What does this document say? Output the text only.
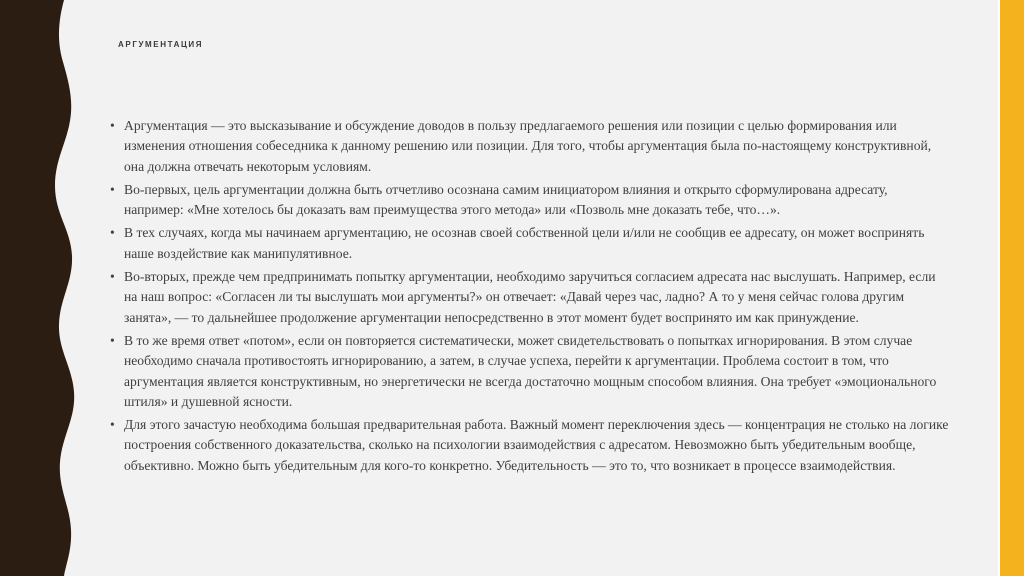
АРГУМЕНТАЦИЯ
• Аргументация — это высказывание и обсуждение доводов в пользу предлагаемого решения или позиции с целью формирования или изменения отношения собеседника к данному решению или позиции. Для того, чтобы аргументация была по-настоящему конструктивной, она должна отвечать некоторым условиям.
• Во-первых, цель аргументации должна быть отчетливо осознана самим инициатором влияния и открыто сформулирована адресату, например: «Мне хотелось бы доказать вам преимущества этого метода» или «Позволь мне доказать тебе, что…».
• В тех случаях, когда мы начинаем аргументацию, не осознав своей собственной цели и/или не сообщив ее адресату, он может воспринять наше воздействие как манипулятивное.
• Во-вторых, прежде чем предпринимать попытку аргументации, необходимо заручиться согласием адресата нас выслушать. Например, если на наш вопрос: «Согласен ли ты выслушать мои аргументы?» он отвечает: «Давай через час, ладно? А то у меня сейчас голова другим занята», — то дальнейшее продолжение аргументации непосредственно в этот момент будет воспринято им как принуждение.
• В то же время ответ «потом», если он повторяется систематически, может свидетельствовать о попытках игнорирования. В этом случае необходимо сначала противостоять игнорированию, а затем, в случае успеха, перейти к аргументации. Проблема состоит в том, что аргументация является конструктивным, но энергетически не всегда достаточно мощным способом влияния. Она требует «эмоционального штиля» и душевной ясности.
• Для этого зачастую необходима большая предварительная работа. Важный момент переключения здесь — концентрация не столько на логике построения собственного доказательства, сколько на психологии взаимодействия с адресатом. Невозможно быть убедительным вообще, объективно. Можно быть убедительным для кого-то конкретно. Убедительность — это то, что возникает в процессе взаимодействия.
